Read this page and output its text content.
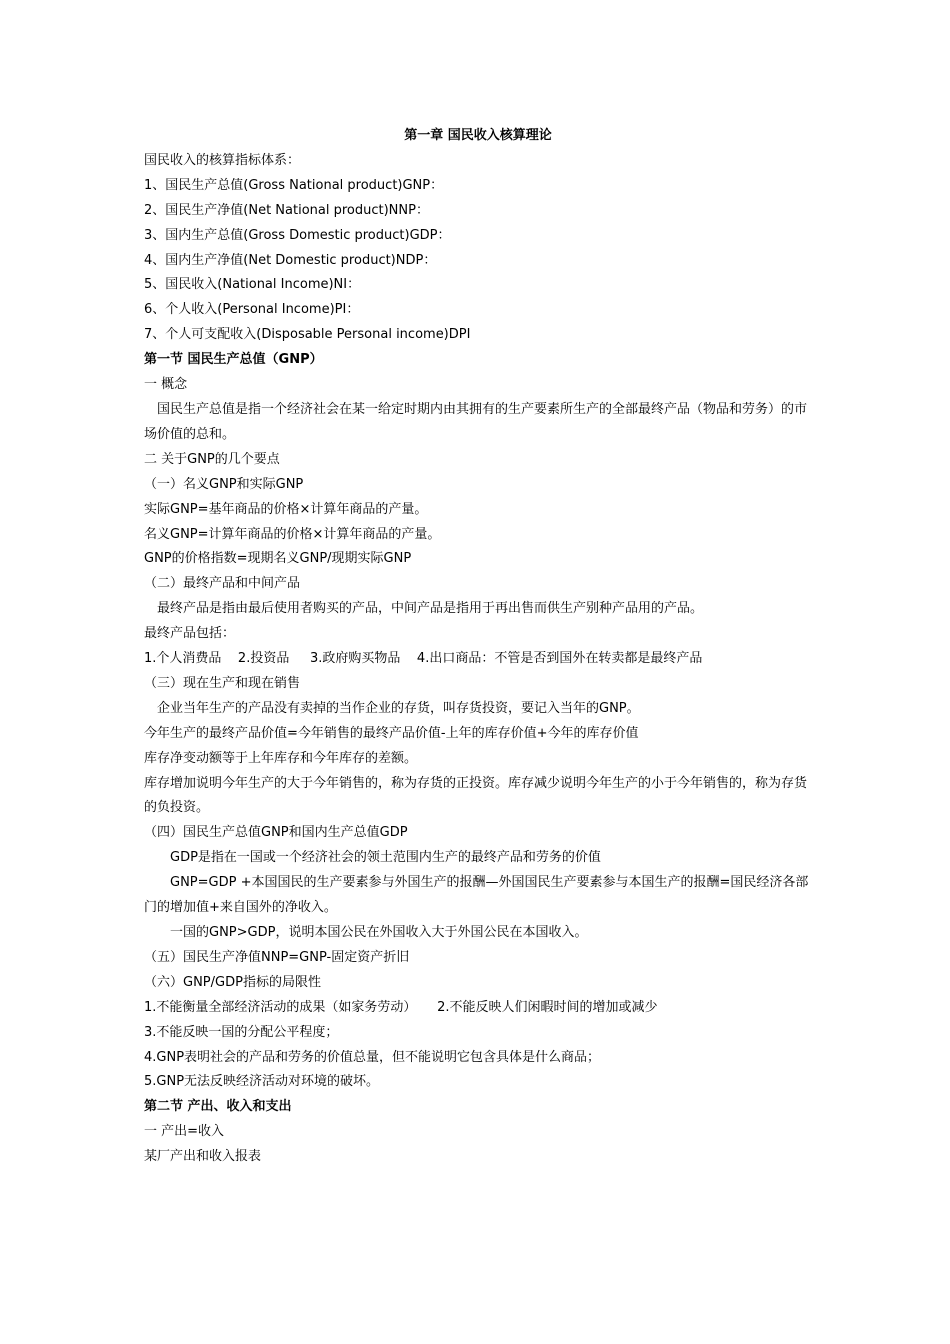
第一章 国民收入核算理论
国民收入的核算指标体系：
1、国民生产总值(Gross National product)GNP：
2、国民生产净值(Net National product)NNP：
3、国内生产总值(Gross Domestic product)GDP：
4、国内生产净值(Net Domestic product)NDP：
5、国民收入(National Income)NI：
6、个人收入(Personal Income)PI：
7、个人可支配收入(Disposable Personal income)DPI
第一节 国民生产总值（GNP）
一 概念
国民生产总值是指一个经济社会在某一给定时期内由其拥有的生产要素所生产的全部最终产品（物品和劳务）的市场价值的总和。
二 关于GNP的几个要点
（一）名义GNP和实际GNP
实际GNP=基年商品的价格×计算年商品的产量。
名义GNP=计算年商品的价格×计算年商品的产量。
GNP的价格指数=现期名义GNP/现期实际GNP
（二）最终产品和中间产品
最终产品是指由最后使用者购买的产品，中间产品是指用于再出售而供生产别种产品用的产品。
最终产品包括：
1.个人消费品    2.投资品     3.政府购买物品    4.出口商品：不管是否到国外在转卖都是最终产品
（三）现在生产和现在销售
企业当年生产的产品没有卖掉的当作企业的存货，叫存货投资，要记入当年的GNP。
今年生产的最终产品价值=今年销售的最终产品价值-上年的库存价值+今年的库存价值
库存净变动额等于上年库存和今年库存的差额。
库存增加说明今年生产的大于今年销售的，称为存货的正投资。库存减少说明今年生产的小于今年销售的，称为存货的负投资。
（四）国民生产总值GNP和国内生产总值GDP
GDP是指在一国或一个经济社会的领土范围内生产的最终产品和劳务的价值
GNP=GDP +本国国民的生产要素参与外国生产的报酬—外国国民生产要素参与本国生产的报酬=国民经济各部门的增加值+来自国外的净收入。
一国的GNP>GDP，说明本国公民在外国收入大于外国公民在本国收入。
（五）国民生产净值NNP=GNP-固定资产折旧
（六）GNP/GDP指标的局限性
1.不能衡量全部经济活动的成果（如家务劳动）     2.不能反映人们闲暇时间的增加或减少
3.不能反映一国的分配公平程度；
4.GNP表明社会的产品和劳务的价值总量，但不能说明它包含具体是什么商品；
5.GNP无法反映经济活动对环境的破坏。
第二节 产出、收入和支出
一 产出=收入
某厂产出和收入报表
